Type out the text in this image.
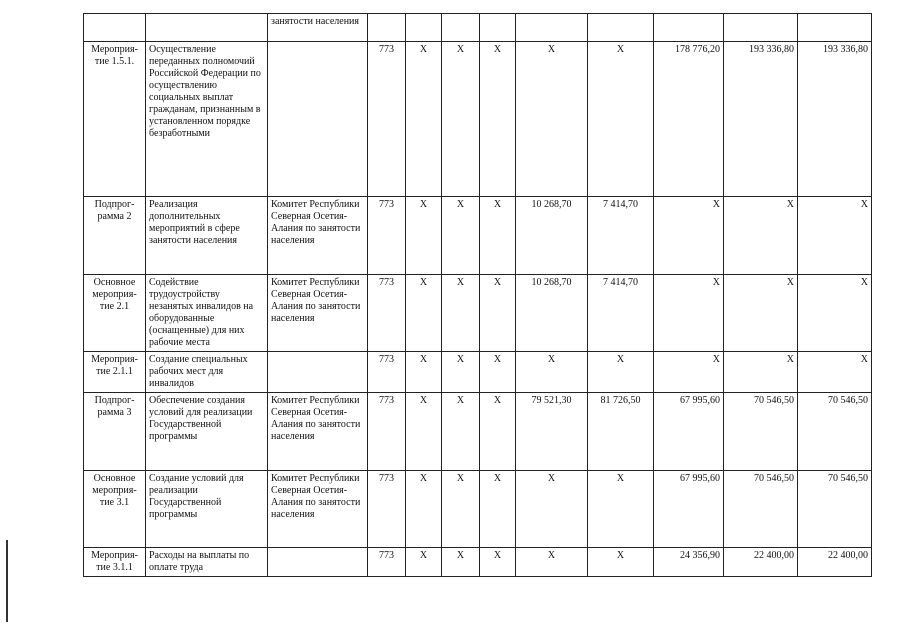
		занятости населения									
Мероприя-тие 1.5.1.	Осуществление переданных полномочий Российской Федерации по осуществлению социальных выплат гражданам, признанным в установленном порядке безработными		773	Х	Х	Х	Х	Х	178 776,20	193 336,80	193 336,80
Подпрог-рамма 2	Реализация дополнительных мероприятий в сфере занятости населения	Комитет Республики Северная Осетия-Алания по занятости населения	773	Х	Х	Х	10 268,70	7 414,70	Х	Х	Х
Основное мероприя-тие 2.1	Содействие трудоустройству незанятых инвалидов на оборудованные (оснащенные) для них рабочие места	Комитет Республики Северная Осетия-Алания по занятости населения	773	Х	Х	Х	10 268,70	7 414,70	Х	Х	Х
Мероприя-тие 2.1.1	Создание специальных рабочих мест для инвалидов		773	Х	Х	Х	Х	Х	Х	Х	Х
Подпрог-рамма 3	Обеспечение создания условий для реализации Государственной программы	Комитет Республики Северная Осетия-Алания по занятости населения	773	Х	Х	Х	79 521,30	81 726,50	67 995,60	70 546,50	70 546,50
Основное мероприя-тие 3.1	Создание условий для реализации Государственной программы	Комитет Республики Северная Осетия-Алания по занятости населения	773	Х	Х	Х	Х	Х	67 995,60	70 546,50	70 546,50
Мероприя-тие 3.1.1	Расходы на выплаты по оплате труда		773	Х	Х	Х	Х	Х	24 356,90	22 400,00	22 400,00
